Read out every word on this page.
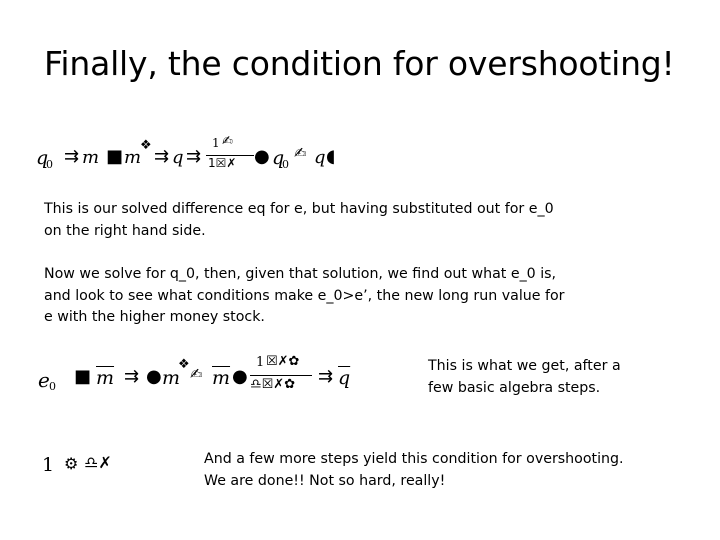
Finally, the condition for overshooting!
q
0 ⇉ m ■ m
❖
⇉ q ⇉
1 ✍
1☒✗ ● q
0
✍ q ◖
This is our solved difference eq for e, but having substituted out for e_0
on the right hand side.
Now we solve for q_0, then, given that solution, we find out what e_0 is,
and look to see what conditions make e_0>e’, the new long run value for
e with the higher money stock.
e 0 ■ $\overline{m}$ ⇉ ● m
❖
✍ $\overline{m}$ ●
1 ☒✗✿
♎☒✗✿ ⇉ $\overline{q}$
This is what we get, after a
few basic algebra steps.
1 ⚙ ♎✗	And a few more steps yield this condition for overshooting.
We are done!! Not so hard, really!
